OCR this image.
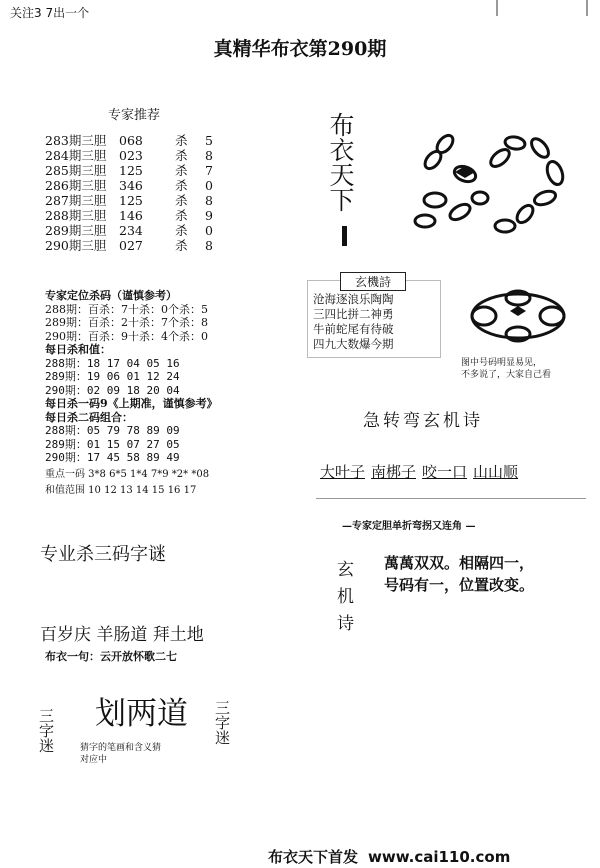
关注3 7出一个
真精华布衣第290期
专家推荐
283期三胆 068	杀 5
284期三胆 023	杀 8
285期三胆 125	杀 7
286期三胆 346	杀 0
287期三胆 125	杀 8
288期三胆 146	杀 9
289期三胆 234	杀 0
290期三胆 027	杀 8
专家定位杀码（谨慎参考）
288期：百杀：7十杀：0个杀：5
289期：百杀：2十杀：7个杀：8
290期：百杀：9十杀：4个杀：0
每日杀和值：
288期：18 17 04 05 16
289期：19 06 01 12 24
290期：02 09 18 20 04
每日杀一码9《上期准，谨慎参考》
每日杀二码组合：
288期：05 79 78 89 09
289期：01 15 07 27 05
290期：17 45 58 89 49
重点一码 3*8 6*5 1*4 7*9 *2* *08
和值范围 10 12 13 14 15 16 17
专业杀三码字谜
百岁庆 羊肠道 拜土地
布衣一句：云开放怀歌二七
三字迷 划两道 三字迷
猜字的笔画和含义猜
对应中
布衣天下
玄機詩
沧海逐浪乐陶陶
三四比拼二神勇
牛前蛇尾有待破
四九大数爆今期
图中号码明显易见，
不多说了，大家自己看
急转弯玄机诗
大叶子 南梆子 咬一口 山山顺
—专家定胆单折弯拐又连角 —
玄机诗 萬萬双双。相隔四一，
号码有一，位置改变。
布衣天下首发 www.cai110.com
